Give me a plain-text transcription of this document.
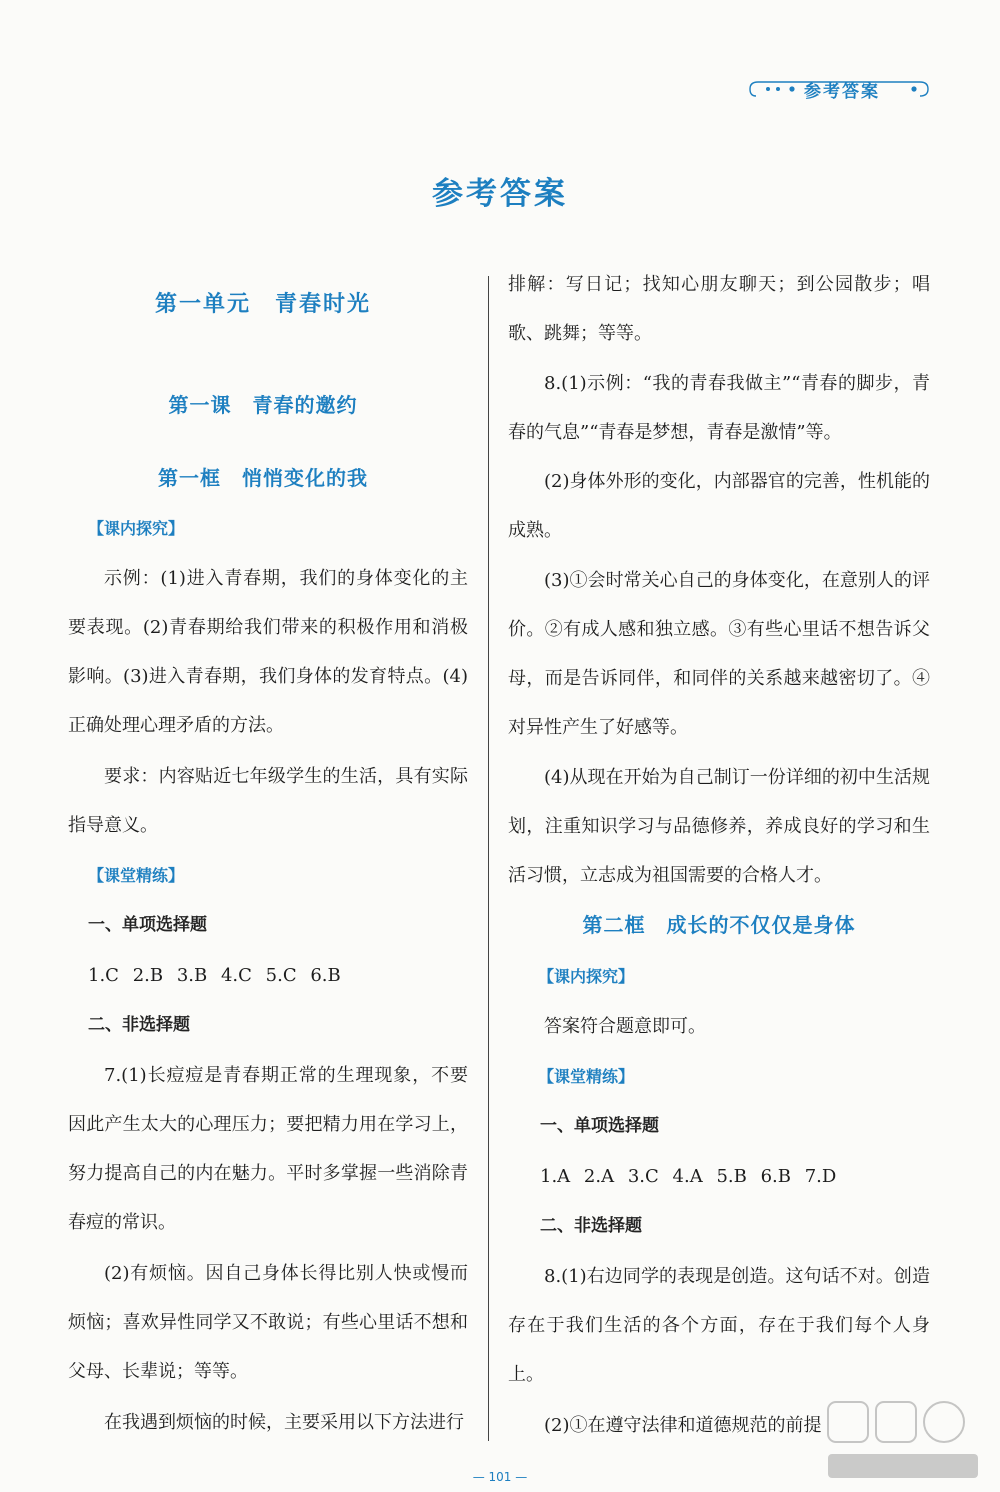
参考答案
参考答案
第一单元　青春时光
第一课　青春的邀约
第一框　悄悄变化的我
【课内探究】
示例：(1)进入青春期，我们的身体变化的主要表现。(2)青春期给我们带来的积极作用和消极影响。(3)进入青春期，我们身体的发育特点。(4)正确处理心理矛盾的方法。
要求：内容贴近七年级学生的生活，具有实际指导意义。
【课堂精练】
一、单项选择题
1.C 2.B 3.B 4.C 5.C 6.B
二、非选择题
7.(1)长痘痘是青春期正常的生理现象，不要因此产生太大的心理压力；要把精力用在学习上，努力提高自己的内在魅力。平时多掌握一些消除青春痘的常识。
(2)有烦恼。因自己身体长得比别人快或慢而烦恼；喜欢异性同学又不敢说；有些心里话不想和父母、长辈说；等等。
在我遇到烦恼的时候，主要采用以下方法进行
排解：写日记；找知心朋友聊天；到公园散步；唱歌、跳舞；等等。
8.(1)示例：“我的青春我做主”“青春的脚步，青春的气息”“青春是梦想，青春是激情”等。
(2)身体外形的变化，内部器官的完善，性机能的成熟。
(3)①会时常关心自己的身体变化，在意别人的评价。②有成人感和独立感。③有些心里话不想告诉父母，而是告诉同伴，和同伴的关系越来越密切了。④对异性产生了好感等。
(4)从现在开始为自己制订一份详细的初中生活规划，注重知识学习与品德修养，养成良好的学习和生活习惯，立志成为祖国需要的合格人才。
第二框　成长的不仅仅是身体
【课内探究】
答案符合题意即可。
【课堂精练】
一、单项选择题
1.A 2.A 3.C 4.A 5.B 6.B 7.D
二、非选择题
8.(1)右边同学的表现是创造。这句话不对。创造存在于我们生活的各个方面，存在于我们每个人身上。
(2)①在遵守法律和道德规范的前提
— 101 —
